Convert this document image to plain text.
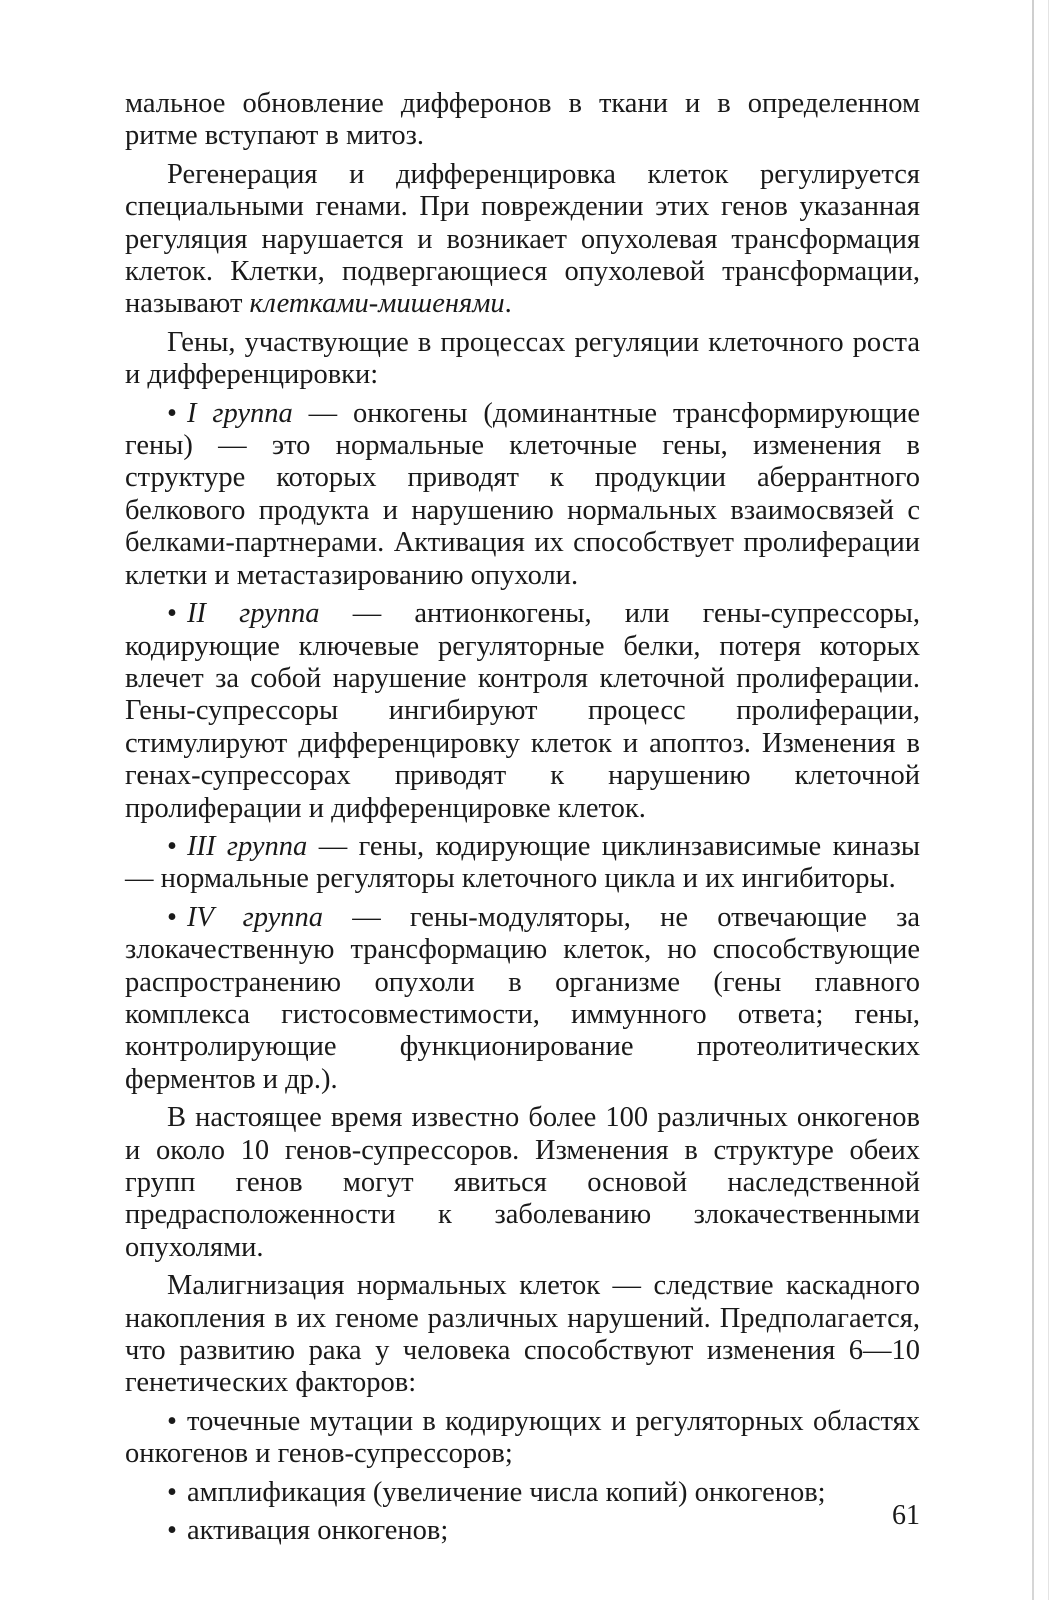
мальное обновление дифферонов в ткани и в определенном ритме вступают в митоз.

Регенерация и дифференцировка клеток регулируется специальными генами. При повреждении этих генов указанная регуляция нарушается и возникает опухолевая трансформация клеток. Клетки, подвергающиеся опухолевой трансформации, называют клетками-мишенями.

Гены, участвующие в процессах регуляции клеточного роста и дифференцировки:

• I группа — онкогены (доминантные трансформирующие гены) — это нормальные клеточные гены, изменения в структуре которых приводят к продукции аберрантного белкового продукта и нарушению нормальных взаимосвязей с белками-партнерами. Активация их способствует пролиферации клетки и метастазированию опухоли.

• II группа — антионкогены, или гены-супрессоры, кодирующие ключевые регуляторные белки, потеря которых влечет за собой нарушение контроля клеточной пролиферации. Гены-супрессоры ингибируют процесс пролиферации, стимулируют дифференцировку клеток и апоптоз. Изменения в генах-супрессорах приводят к нарушению клеточной пролиферации и дифференцировке клеток.

• III группа — гены, кодирующие циклинзависимые киназы — нормальные регуляторы клеточного цикла и их ингибиторы.

• IV группа — гены-модуляторы, не отвечающие за злокачественную трансформацию клеток, но способствующие распространению опухоли в организме (гены главного комплекса гистосовместимости, иммунного ответа; гены, контролирующие функционирование протеолитических ферментов и др.).

В настоящее время известно более 100 различных онкогенов и около 10 генов-супрессоров. Изменения в структуре обеих групп генов могут явиться основой наследственной предрасположенности к заболеванию злокачественными опухолями.

Малигнизация нормальных клеток — следствие каскадного накопления в их геноме различных нарушений. Предполагается, что развитию рака у человека способствуют изменения 6—10 генетических факторов:

• точечные мутации в кодирующих и регуляторных областях онкогенов и генов-супрессоров;

• амплификация (увеличение числа копий) онкогенов;

• активация онкогенов;	61
